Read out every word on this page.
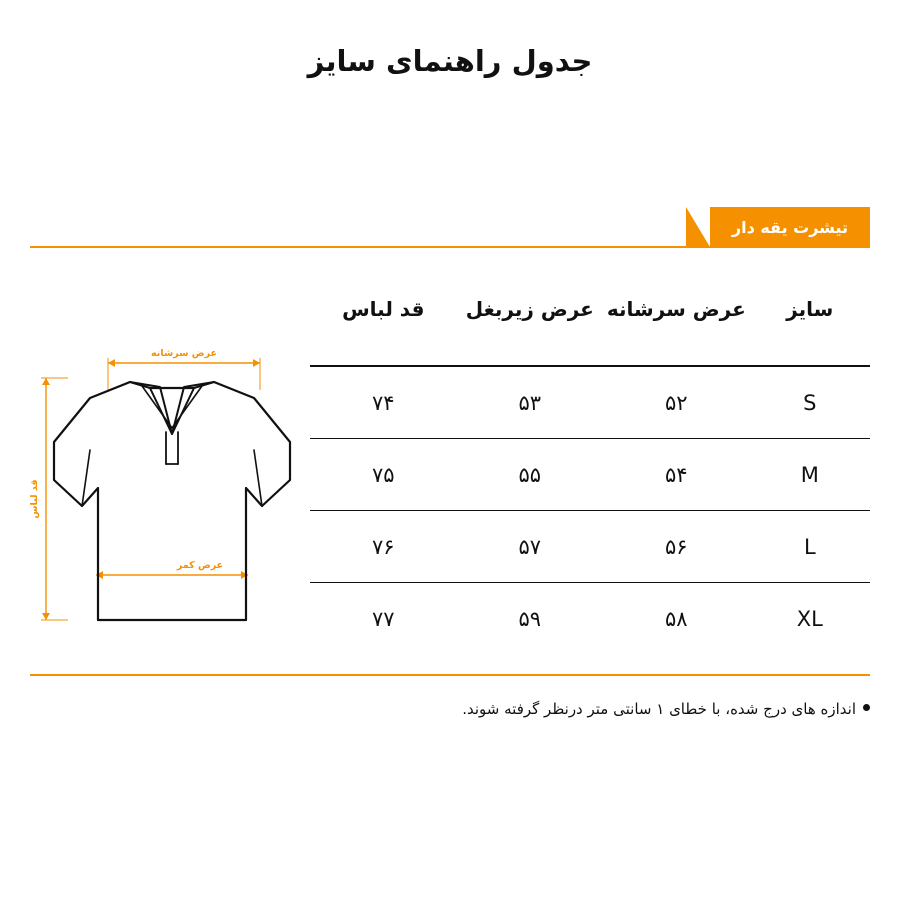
جدول راهنمای سایز
تیشرت یقه دار
سایز	عرض سرشانه	عرض زیربغل	قد لباس
S	۵۲	۵۳	۷۴
M	۵۴	۵۵	۷۵
L	۵۶	۵۷	۷۶
XL	۵۸	۵۹	۷۷
عرض سرشانه
قد لباس
عرض کمر
اندازه های درج شده، با خطای ۱ سانتی متر درنظر گرفته شوند.
